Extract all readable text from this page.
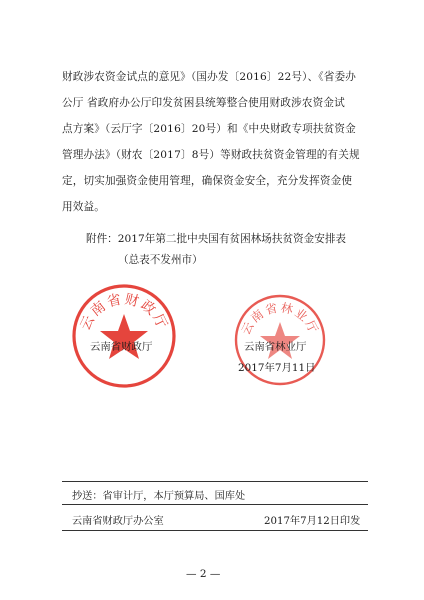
财政涉农资金试点的意见》（国办发〔2016〕22号）、《省委办
公厅 省政府办公厅印发贫困县统筹整合使用财政涉农资金试
点方案》（云厅字〔2016〕20号）和《中央财政专项扶贫资金
管理办法》（财农〔2017〕8号）等财政扶贫资金管理的有关规
定，切实加强资金使用管理，确保资金安全，充分发挥资金使
用效益。
附件：2017年第二批中央国有贫困林场扶贫资金安排表
（总表不发州市）
云南省财政厅	云南省林业厅
云南省财政厅	云南省林业厅
2017年7月11日
抄送：省审计厅，本厅预算局、国库处
云南省财政厅办公室	2017年7月12日印发
— 2 —
